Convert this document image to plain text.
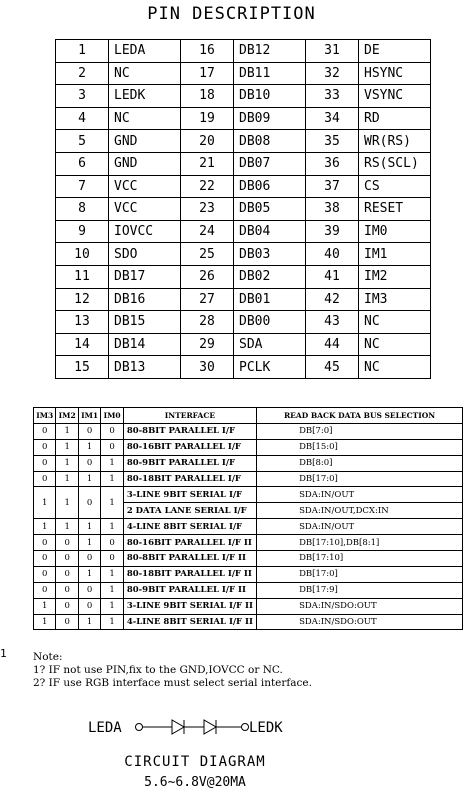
PIN DESCRIPTION
1	LEDA	16	DB12	31	DE
2	NC	17	DB11	32	HSYNC
3	LEDK	18	DB10	33	VSYNC
4	NC	19	DB09	34	RD
5	GND	20	DB08	35	WR(RS)
6	GND	21	DB07	36	RS(SCL)
7	VCC	22	DB06	37	CS
8	VCC	23	DB05	38	RESET
9	IOVCC	24	DB04	39	IM0
10	SDO	25	DB03	40	IM1
11	DB17	26	DB02	41	IM2
12	DB16	27	DB01	42	IM3
13	DB15	28	DB00	43	NC
14	DB14	29	SDA	44	NC
15	DB13	30	PCLK	45	NC
IM3	IM2	IM1	IM0	INTERFACE	READ BACK DATA BUS SELECTION
0	1	0	0	80-8BIT PARALLEL I/F	DB[7:0]
0	1	1	0	80-16BIT PARALLEL I/F	DB[15:0]
0	1	0	1	80-9BIT PARALLEL I/F	DB[8:0]
0	1	1	1	80-18BIT PARALLEL I/F	DB[17:0]
1	1	0	1	3-LINE 9BIT SERIAL I/F	SDA:IN/OUT
				2 DATA LANE SERIAL I/F	SDA:IN/OUT,DCX:IN
1	1	1	1	4-LINE 8BIT SERIAL I/F	SDA:IN/OUT
0	0	1	0	80-16BIT PARALLEL I/F II	DB[17:10],DB[8:1]
0	0	0	0	80-8BIT PARALLEL I/F II	DB[17:10]
0	0	1	1	80-18BIT PARALLEL I/F II	DB[17:0]
0	0	0	1	80-9BIT PARALLEL I/F II	DB[17:9]
1	0	0	1	3-LINE 9BIT SERIAL I/F II	SDA:IN/SDO:OUT
1	0	1	1	4-LINE 8BIT SERIAL I/F II	SDA:IN/SDO:OUT
1	Note:
1? IF not use PIN,fix to the GND,IOVCC or NC.
2? IF use RGB interface must select serial interface.
LEDA	LEDK
CIRCUIT DIAGRAM
5.6~6.8V@20MA
